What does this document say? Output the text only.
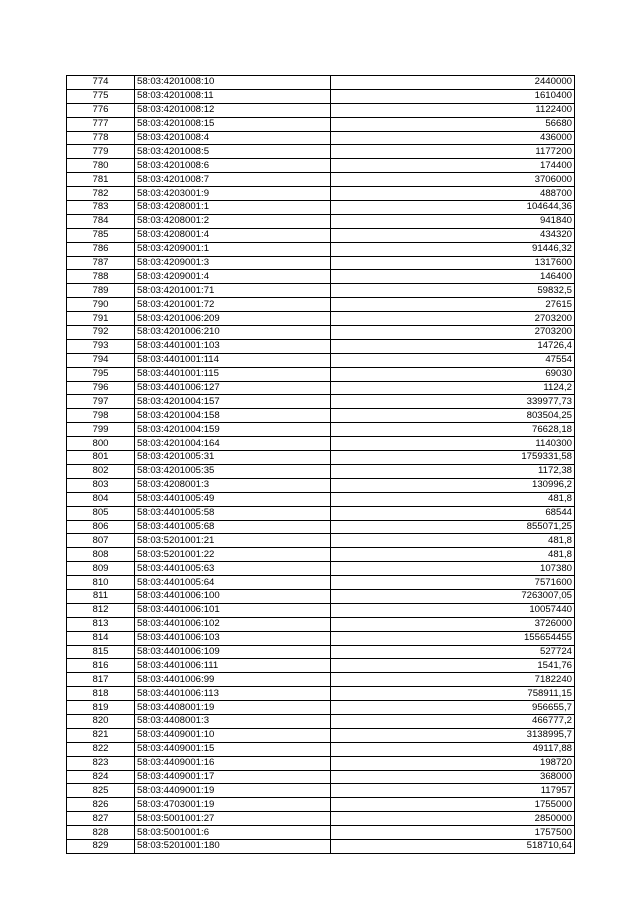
774	58:03:4201008:10	2440000
775	58:03:4201008:11	1610400
776	58:03:4201008:12	1122400
777	58:03:4201008:15	56680
778	58:03:4201008:4	436000
779	58:03:4201008:5	1177200
780	58:03:4201008:6	174400
781	58:03:4201008:7	3706000
782	58:03:4203001:9	488700
783	58:03:4208001:1	104644,36
784	58:03:4208001:2	941840
785	58:03:4208001:4	434320
786	58:03:4209001:1	91446,32
787	58:03:4209001:3	1317600
788	58:03:4209001:4	146400
789	58:03:4201001:71	59832,5
790	58:03:4201001:72	27615
791	58:03:4201006:209	2703200
792	58:03:4201006:210	2703200
793	58:03:4401001:103	14726,4
794	58:03:4401001:114	47554
795	58:03:4401001:115	69030
796	58:03:4401006:127	1124,2
797	58:03:4201004:157	339977,73
798	58:03:4201004:158	803504,25
799	58:03:4201004:159	76628,18
800	58:03:4201004:164	1140300
801	58:03:4201005:31	1759331,58
802	58:03:4201005:35	1172,38
803	58:03:4208001:3	130996,2
804	58:03:4401005:49	481,8
805	58:03:4401005:58	68544
806	58:03:4401005:68	855071,25
807	58:03:5201001:21	481,8
808	58:03:5201001:22	481,8
809	58:03:4401005:63	107380
810	58:03:4401005:64	7571600
811	58:03:4401006:100	7263007,05
812	58:03:4401006:101	10057440
813	58:03:4401006:102	3726000
814	58:03:4401006:103	155654455
815	58:03:4401006:109	527724
816	58:03:4401006:111	1541,76
817	58:03:4401006:99	7182240
818	58:03:4401006:113	758911,15
819	58:03:4408001:19	956655,7
820	58:03:4408001:3	466777,2
821	58:03:4409001:10	3138995,7
822	58:03:4409001:15	49117,88
823	58:03:4409001:16	198720
824	58:03:4409001:17	368000
825	58:03:4409001:19	117957
826	58:03:4703001:19	1755000
827	58:03:5001001:27	2850000
828	58:03:5001001:6	1757500
829	58:03:5201001:180	518710,64
